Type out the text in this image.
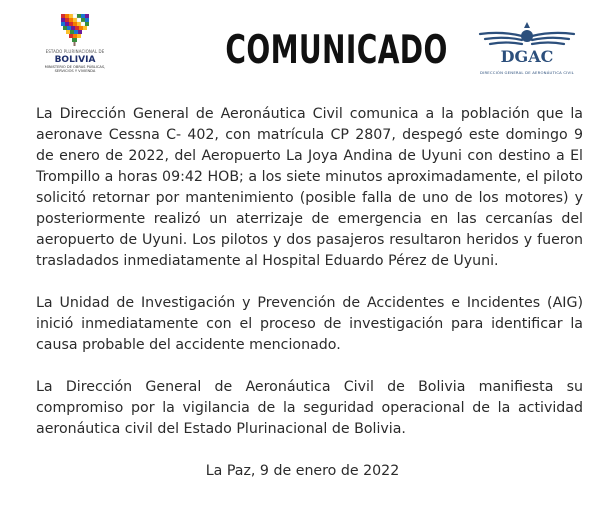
ESTADO PLURINACIONAL DE
BOLIVIA
MINISTERIO DE OBRAS PÚBLICAS,
SERVICIOS Y VIVIENDA	COMUNICADO	DGAC
DIRECCIÓN GENERAL DE AERONÁUTICA CIVIL

La Dirección General de Aeronáutica Civil comunica a la población que la aeronave Cessna C- 402, con matrícula CP 2807, despegó este domingo 9 de enero de 2022, del Aeropuerto La Joya Andina de Uyuni con destino a El Trompillo a horas 09:42 HOB; a los siete minutos aproximadamente, el piloto solicitó retornar por mantenimiento (posible falla de uno de los motores) y posteriormente realizó un aterrizaje de emergencia en las cercanías del aeropuerto de Uyuni. Los pilotos y dos pasajeros resultaron heridos y fueron trasladados inmediatamente al Hospital Eduardo Pérez de Uyuni.

La Unidad de Investigación y Prevención de Accidentes e Incidentes (AIG) inició inmediatamente con el proceso de investigación para identificar la causa probable del accidente mencionado.

La Dirección General de Aeronáutica Civil de Bolivia manifiesta su compromiso por la vigilancia de la seguridad operacional de la actividad aeronáutica civil del Estado Plurinacional de Bolivia.

La Paz, 9 de enero de 2022
